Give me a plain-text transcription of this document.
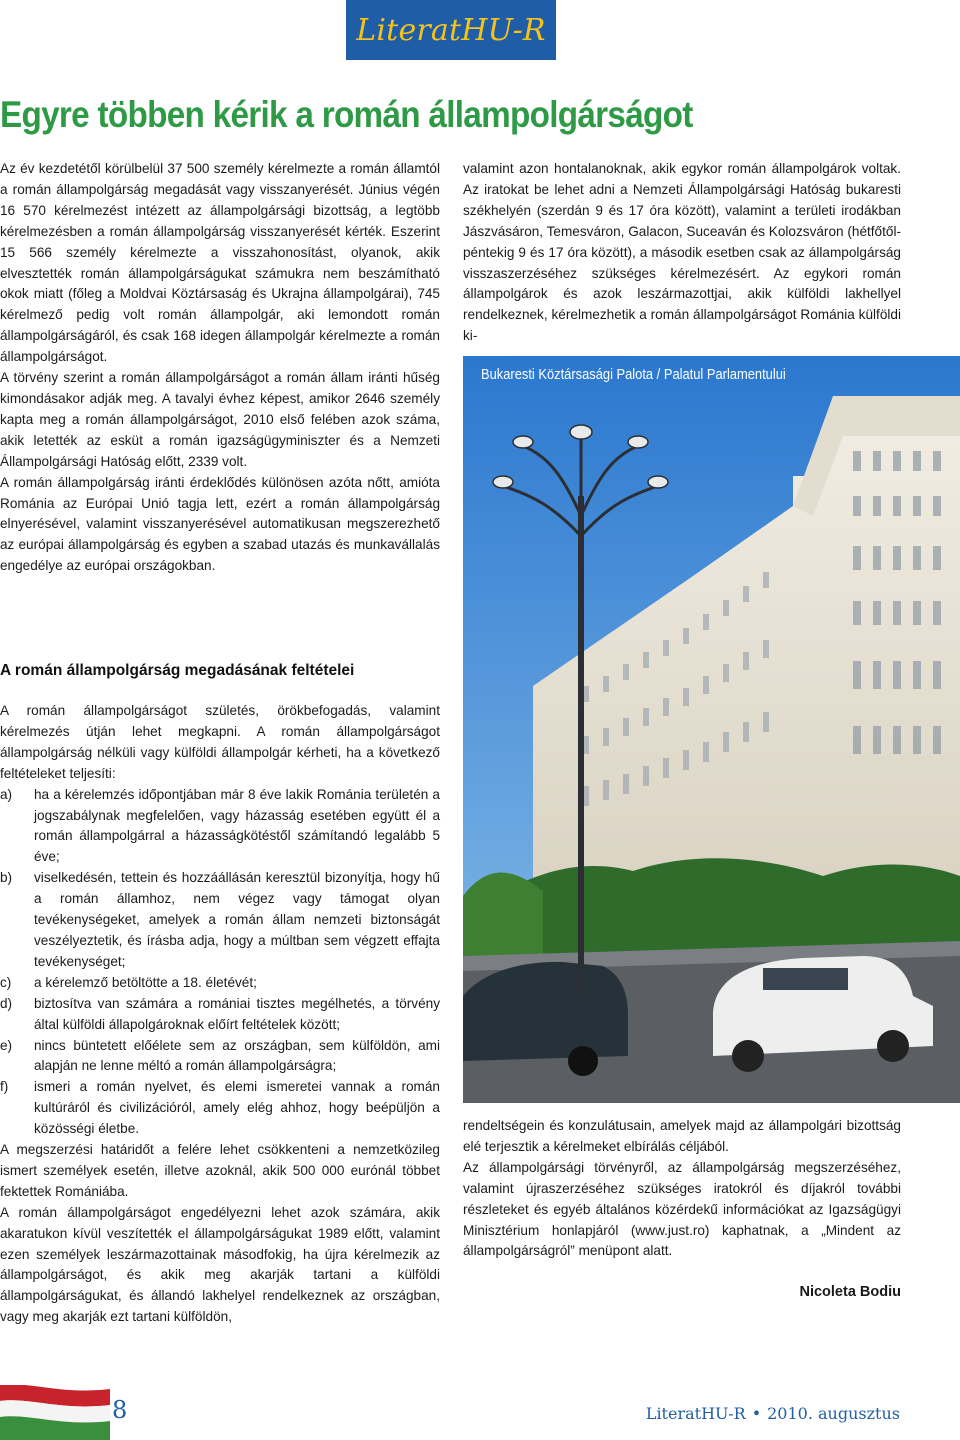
LiteratHU-R
Egyre többen kérik a román állampolgárságot

Az év kezdetétől körülbelül 37 500 személy kérelmezte a román államtól a román állampolgárság megadását vagy visszanyerését. Június végén 16 570 kérelmezést intézett az állampolgársági bizottság, a legtöbb kérelmezésben a román állampolgárság visszanyerését kérték. Eszerint 15 566 személy kérelmezte a visszahonosítást, olyanok, akik elvesztették román állampolgárságukat számukra nem beszámítható okok miatt (főleg a Moldvai Köztársaság és Ukrajna állampolgárai), 745 kérelmező pedig volt román állampolgár, aki lemondott román állampolgárságáról, és csak 168 idegen állampolgár kérelmezte a román állampolgárságot.

A törvény szerint a román állampolgárságot a román állam iránti hűség kimondásakor adják meg. A tavalyi évhez képest, amikor 2646 személy kapta meg a román állampolgárságot, 2010 első felében azok száma, akik letették az esküt a román igazságügyminiszter és a Nemzeti Állampolgársági Hatóság előtt, 2339 volt.

A román állampolgárság iránti érdeklődés különösen azóta nőtt, amióta Románia az Európai Unió tagja lett, ezért a román állampolgárság elnyerésével, valamint visszanyerésével automatikusan megszerezhető az európai állampolgárság és egyben a szabad utazás és munkavállalás engedélye az európai országokban.

A román állampolgárság megadásának feltételei

A román állampolgárságot születés, örökbefogadás, valamint kérelmezés útján lehet megkapni. A román állampolgárságot állampolgárság nélküli vagy külföldi állampolgár kérheti, ha a következő feltételeket teljesíti:

a)	ha a kérelemzés időpontjában már 8 éve lakik Románia területén a jogszabálynak megfelelően, vagy házasság esetében együtt él a román állampolgárral a házasságkötéstől számítandó legalább 5 éve;
b)	viselkedésén, tettein és hozzáállásán keresztül bizonyítja, hogy hű a román államhoz, nem végez vagy támogat olyan tevékenységeket, amelyek a román állam nemzeti biztonságát veszélyeztetik, és írásba adja, hogy a múltban sem végzett effajta tevékenységet;
c)	a kérelemző betöltötte a 18. életévét;
d)	biztosítva van számára a romániai tisztes megélhetés, a törvény által külföldi állapolgároknak előírt feltételek között;
e)	nincs büntetett előélete sem az országban, sem külföldön, ami alapján ne lenne méltó a román állampolgárságra;
f)	ismeri a román nyelvet, és elemi ismeretei vannak a román kultúráról és civilizációról, amely elég ahhoz, hogy beépüljön a közösségi életbe.

A megszerzési határidőt a felére lehet csökkenteni a nemzetközileg ismert személyek esetén, illetve azoknál, akik 500 000 eurónál többet fektettek Romániába.

A román állampolgárságot engedélyezni lehet azok számára, akik akaratukon kívül veszítették el állampolgárságukat 1989 előtt, valamint ezen személyek leszármazottainak másodfokig, ha újra kérelmezik az állampolgárságot, és akik meg akarják tartani a külföldi állampolgárságukat, és állandó lakhelyel rendelkeznek az országban, vagy meg akarják ezt tartani külföldön,

valamint azon hontalanoknak, akik egykor román állampolgárok voltak. Az iratokat be lehet adni a Nemzeti Állampolgársági Hatóság bukaresti székhelyén (szerdán 9 és 17 óra között), valamint a területi irodákban Jászvásáron, Temesváron, Galacon, Suceaván és Kolozsváron (hétfőtől-péntekig 9 és 17 óra között), a második esetben csak az állampolgárság visszaszerzéséhez szükséges kérelmezésért. Az egykori román állampolgárok és azok leszármazottjai, akik külföldi lakhellyel rendelkeznek, kérelmezhetik a román állampolgárságot Románia külföldi ki-

Bukaresti Köztársasági Palota / Palatul Parlamentului

rendeltségein és konzulátusain, amelyek majd az állampolgári bizottság elé terjesztik a kérelmeket elbírálás céljából.

Az állampolgársági törvényről, az állampolgárság megszerzéséhez, valamint újraszerzéséhez szükséges iratokról és díjakról további részleteket és egyéb általános közérdekű információkat az Igazságügyi Minisztérium honlapjáról (www.just.ro) kaphatnak, a „Mindent az állampolgárságról” menüpont alatt.

Nicoleta Bodiu
8	LiteratHU-R • 2010. augusztus
